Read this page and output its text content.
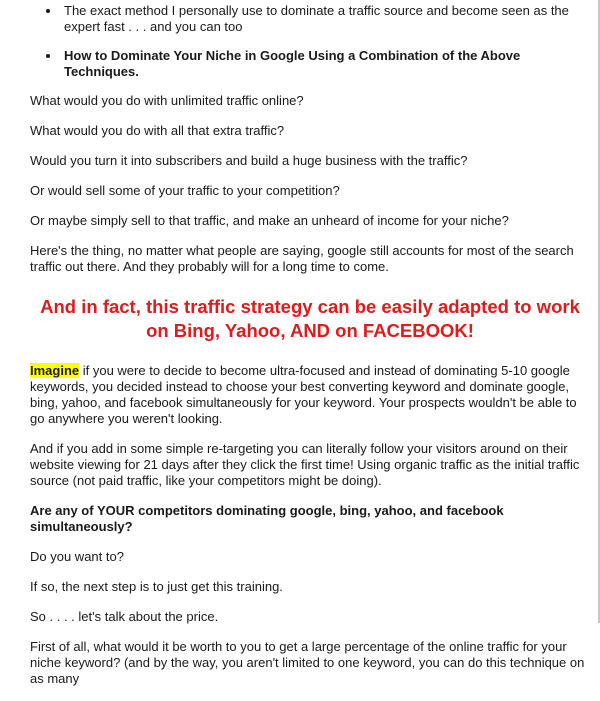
• The exact method I personally use to dominate a traffic source and become seen as the expert fast . . . and you can too
• How to Dominate Your Niche in Google Using a Combination of the Above Techniques.

What would you do with unlimited traffic online?

What would you do with all that extra traffic?

Would you turn it into subscribers and build a huge business with the traffic?

Or would sell some of your traffic to your competition?

Or maybe simply sell to that traffic, and make an unheard of income for your niche?

Here's the thing, no matter what people are saying, google still accounts for most of the search traffic out there. And they probably will for a long time to come.

And in fact, this traffic strategy can be easily adapted to work on Bing, Yahoo, AND on FACEBOOK!

Imagine if you were to decide to become ultra-focused and instead of dominating 5-10 google keywords, you decided instead to choose your best converting keyword and dominate google, bing, yahoo, and facebook simultaneously for your keyword. Your prospects wouldn't be able to go anywhere you weren't looking.

And if you add in some simple re-targeting you can literally follow your visitors around on their website viewing for 21 days after they click the first time! Using organic traffic as the initial traffic source (not paid traffic, like your competitors might be doing).

Are any of YOUR competitors dominating google, bing, yahoo, and facebook simultaneously?

Do you want to?

If so, the next step is to just get this training.

So . . . . let's talk about the price.

First of all, what would it be worth to you to get a large percentage of the online traffic for your niche keyword? (and by the way, you aren't limited to one keyword, you can do this technique on as many
